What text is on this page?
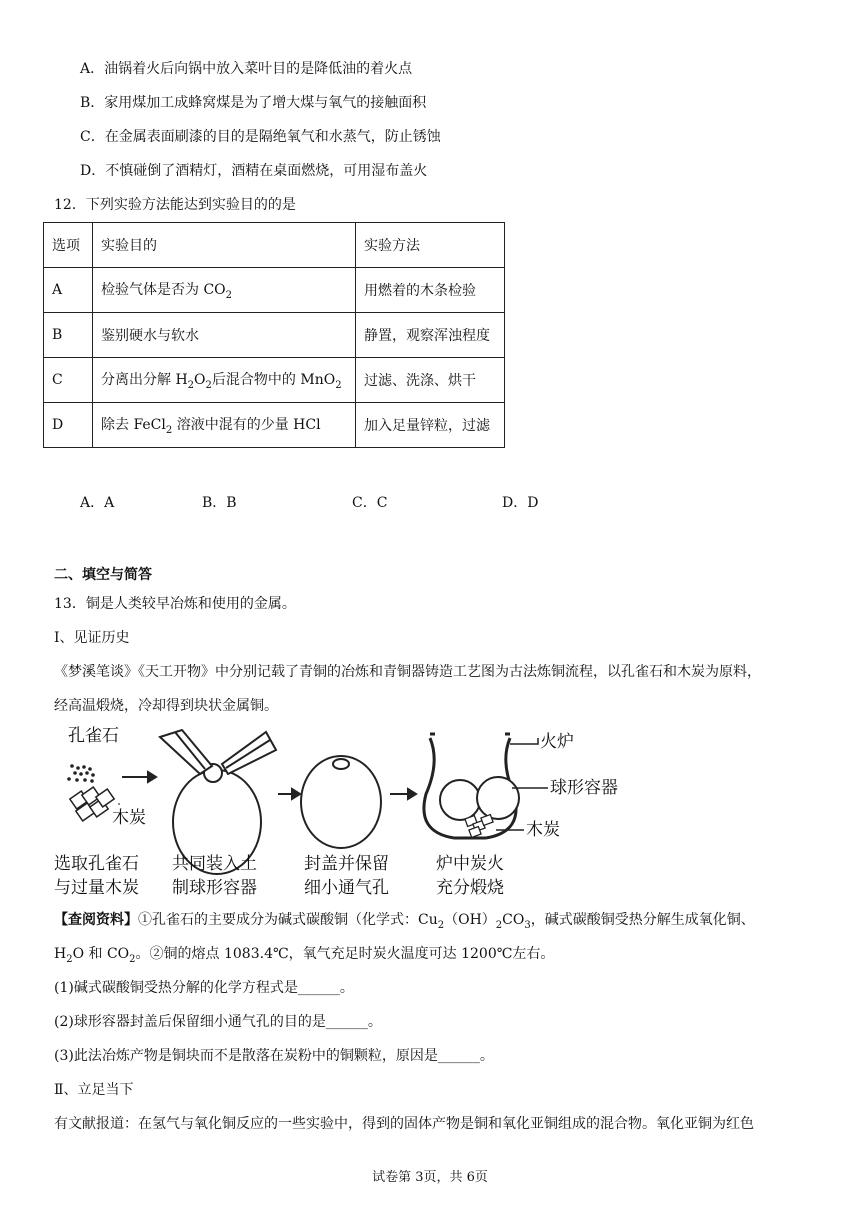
A．油锅着火后向锅中放入菜叶目的是降低油的着火点
B．家用煤加工成蜂窝煤是为了增大煤与氧气的接触面积
C．在金属表面刷漆的目的是隔绝氧气和水蒸气，防止锈蚀
D．不慎碰倒了酒精灯，酒精在桌面燃烧，可用湿布盖火
12．下列实验方法能达到实验目的的是
选项	实验目的	实验方法
A	检验气体是否为 $CO_2$	用燃着的木条检验
B	鉴别硬水与软水	静置，观察浑浊程度
C	分离出分解 $H_2O_2$后混合物中的 MnO$_2$	过滤、洗涤、烘干
D	除去 FeCl$_2$ 溶液中混有的少量 HCl	加入足量锌粒，过滤
A．A	B．B	C．C	D．D
二、填空与简答
13．铜是人类较早冶炼和使用的金属。
Ⅰ、见证历史
《梦溪笔谈》《天工开物》中分别记载了青铜的冶炼和青铜器铸造工艺图为古法炼铜流程，以孔雀石和木炭为原料，
经高温煅烧，冷却得到块状金属铜。
孔雀石
木炭
火炉
球形容器
木炭
选取孔雀石
与过量木炭
共同装入土
制球形容器
封盖并保留
细小通气孔
炉中炭火
充分煅烧
【查阅资料】①孔雀石的主要成分为碱式碳酸铜（化学式：$Cu_2(OH)_2CO_3$，碱式碳酸铜受热分解生成氧化铜、
$H_2O$ 和 $CO_2$。②铜的熔点 1083.4℃，氧气充足时炭火温度可达 1200℃左右。
(1)碱式碳酸铜受热分解的化学方程式是______。
(2)球形容器封盖后保留细小通气孔的目的是______。
(3)此法冶炼产物是铜块而不是散落在炭粉中的铜颗粒，原因是______。
Ⅱ、立足当下
有文献报道：在氢气与氧化铜反应的一些实验中，得到的固体产物是铜和氧化亚铜组成的混合物。氧化亚铜为红色
试卷第 3页，共 6页
